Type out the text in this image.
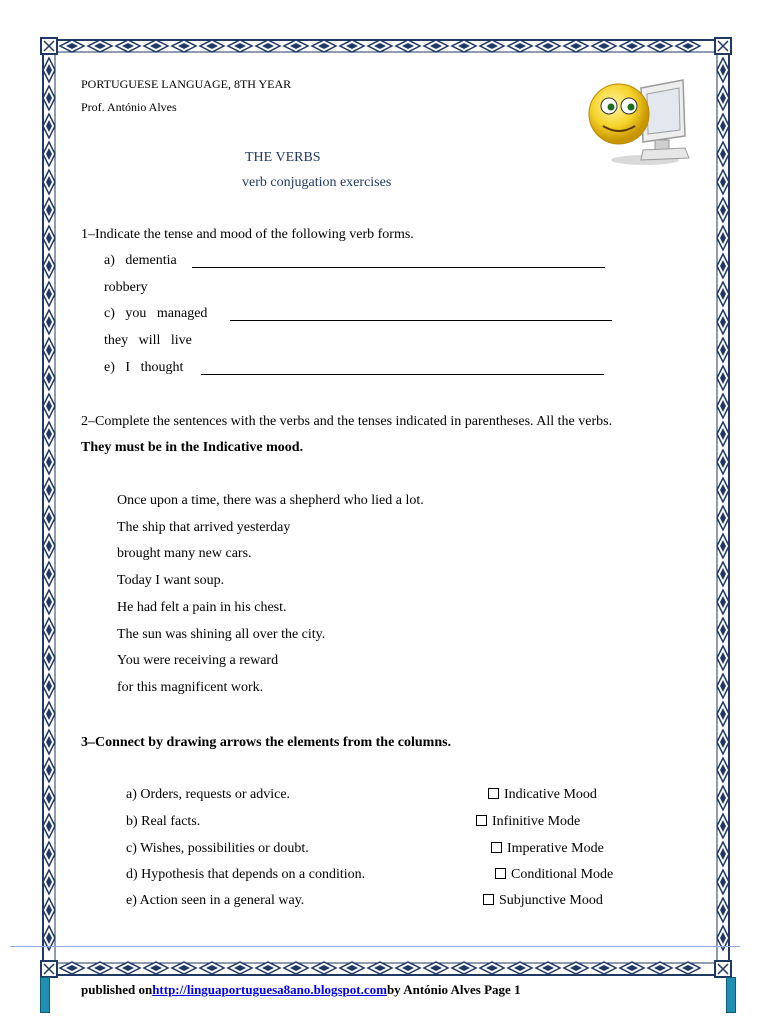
PORTUGUESE LANGUAGE, 8TH YEAR
Prof. António Alves
THE VERBS
verb conjugation exercises
1–Indicate the tense and mood of the following verb forms.
a) dementia
robbery
c) you managed
they will live
e) I thought
2–Complete the sentences with the verbs and the tenses indicated in parentheses. All the verbs.
They must be in the Indicative mood.
Once upon a time, there was a shepherd who lied a lot.
The ship that arrived yesterday
brought many new cars.
Today I want soup.
He had felt a pain in his chest.
The sun was shining all over the city.
You were receiving a reward
for this magnificent work.
3–Connect by drawing arrows the elements from the columns.
a) Orders, requests or advice.
b) Real facts.
c) Wishes, possibilities or doubt.
d) Hypothesis that depends on a condition.
e) Action seen in a general way.
Indicative Mood
Infinitive Mode
Imperative Mode
Conditional Mode
Subjunctive Mood
published onhttp://linguaportuguesa8ano.blogspot.comby António Alves Page 1
